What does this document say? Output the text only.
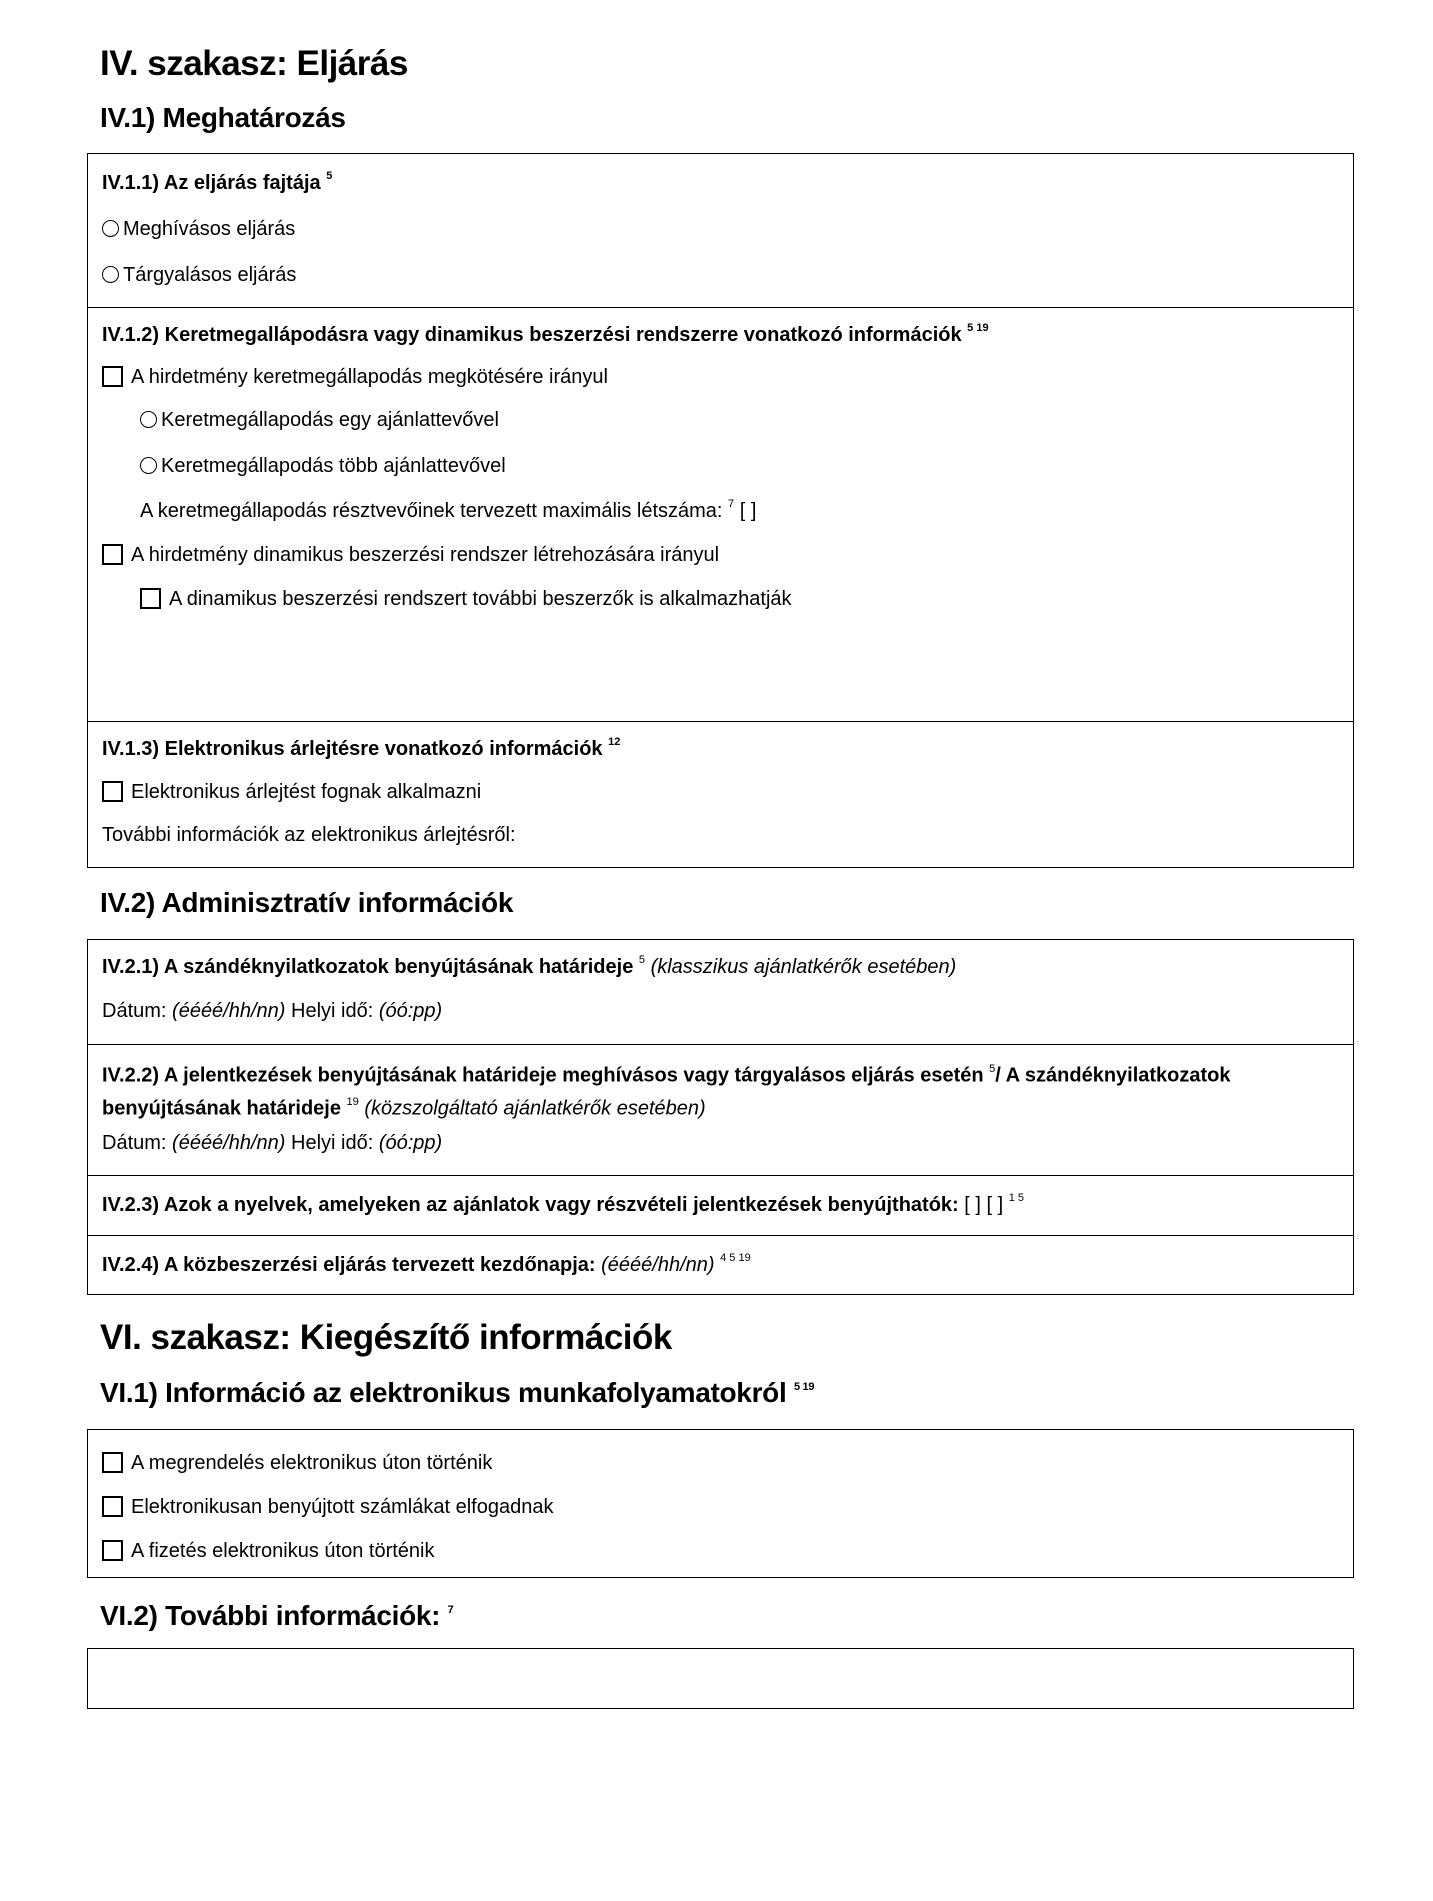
IV. szakasz: Eljárás
IV.1) Meghatározás
IV.1.1) Az eljárás fajtája $^5$
Meghívásos eljárás
Tárgyalásos eljárás
IV.1.2) Keretmegallápodásra vagy dinamikus beszerzési rendszerre vonatkozó információk $^{5 19}$
A hirdetmény keretmegállapodás megkötésére irányul
Keretmegállapodás egy ajánlattevővel
Keretmegállapodás több ajánlattevővel
A keretmegállapodás résztvevőinek tervezett maximális létszáma: $^7$ [ ]
A hirdetmény dinamikus beszerzési rendszer létrehozására irányul
A dinamikus beszerzési rendszert további beszerzők is alkalmazhatják
IV.1.3) Elektronikus árlejtésre vonatkozó információk $^{12}$
Elektronikus árlejtést fognak alkalmazni
További információk az elektronikus árlejtésről:
IV.2) Adminisztratív információk
IV.2.1) A szándéknyilatkozatok benyújtásának határideje $^5$ (klasszikus ajánlatkérők esetében)
Dátum: (éééé/hh/nn) Helyi idő: (óó:pp)
IV.2.2) A jelentkezések benyújtásának határideje meghívásos vagy tárgyalásos eljárás esetén $^5$/ A szándéknyilatkozatok benyújtásának határideje $^{19}$ (közszolgáltató ajánlatkérők esetében)
Dátum: (éééé/hh/nn) Helyi idő: (óó:pp)
IV.2.3) Azok a nyelvek, amelyeken az ajánlatok vagy részvételi jelentkezések benyújthatók: [ ] [ ] $^{1 5}$
IV.2.4) A közbeszerzési eljárás tervezett kezdőnapja: (éééé/hh/nn) $^{4 5 19}$
VI. szakasz: Kiegészítő információk
VI.1) Információ az elektronikus munkafolyamatokról $^{5 19}$
A megrendelés elektronikus úton történik
Elektronikusan benyújtott számlákat elfogadnak
A fizetés elektronikus úton történik
VI.2) További információk: $^7$
